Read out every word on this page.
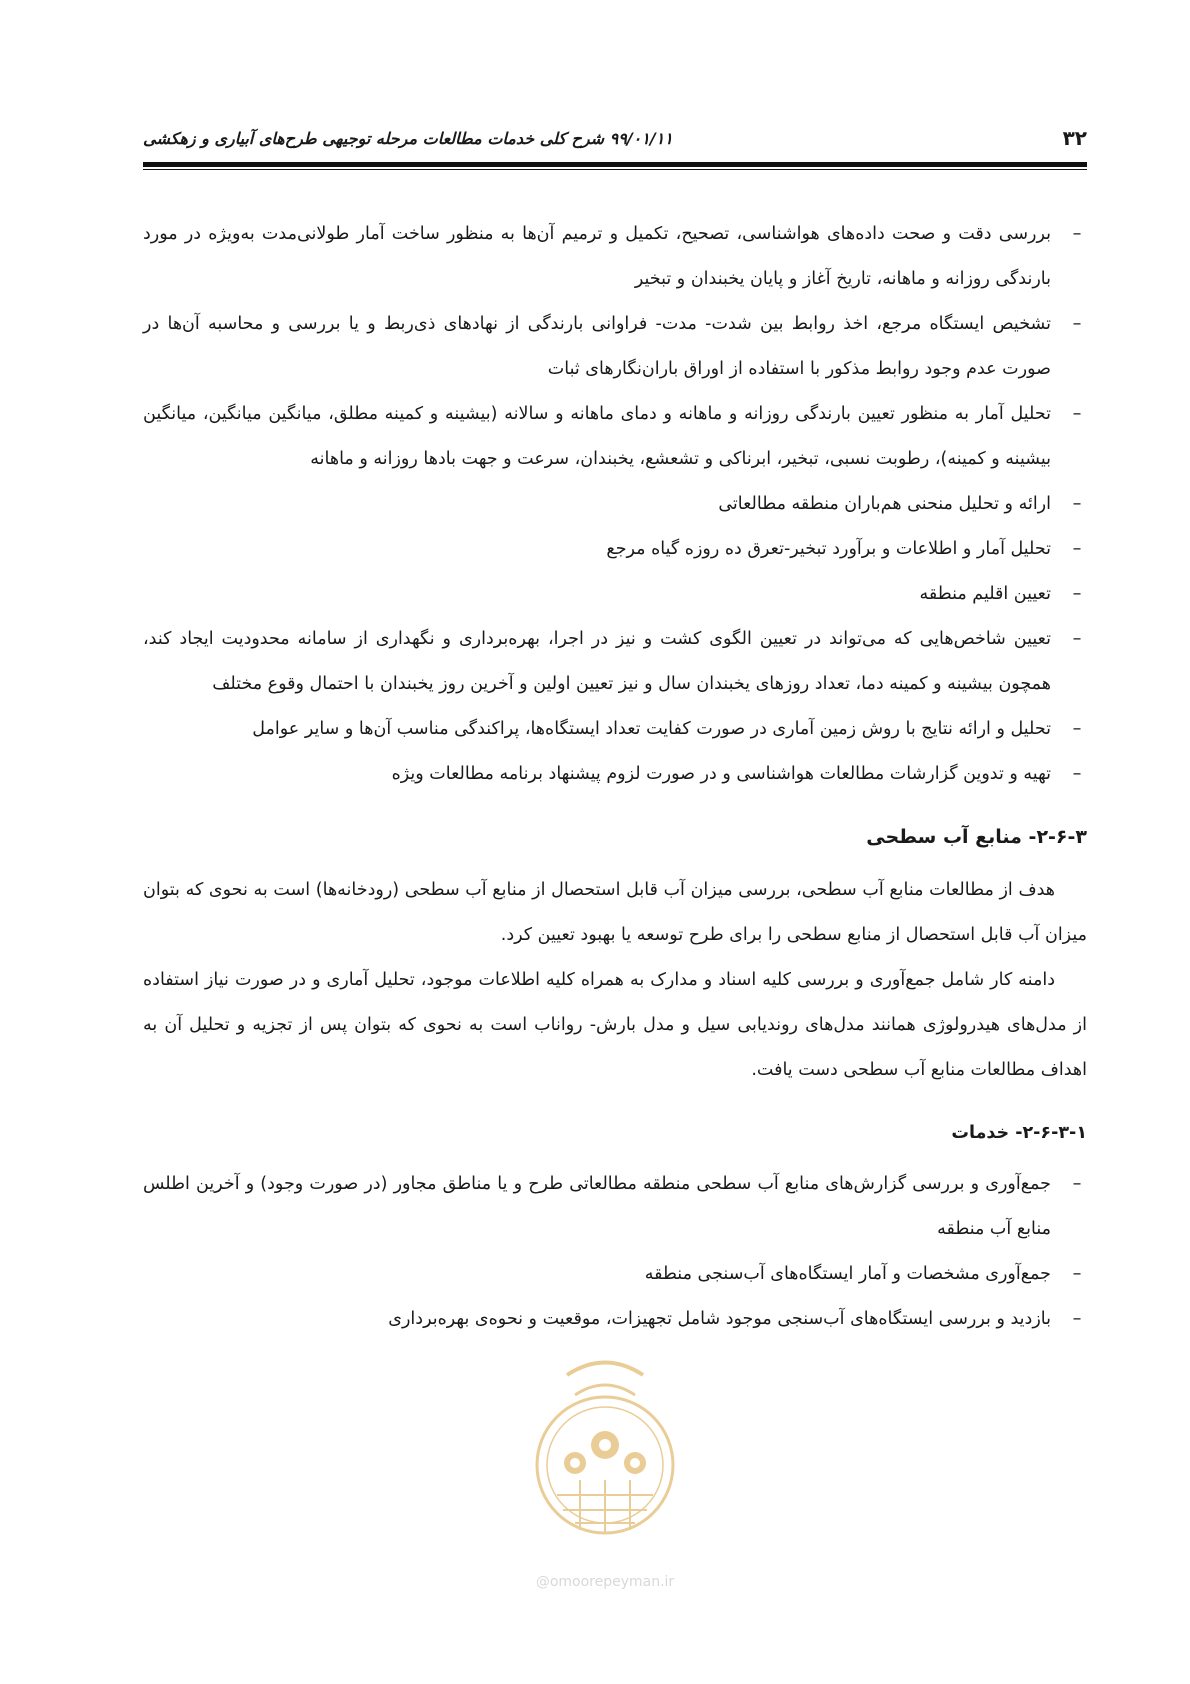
۳۲
۹۹/۰۱/۱۱ شرح کلی خدمات مطالعات مرحله توجیهی طرح‌های آبیاری و زهکشی
–
بررسی دقت و صحت داده‌های هواشناسی، تصحیح، تکمیل و ترمیم آن‌ها به منظور ساخت آمار طولانی‌مدت به‌ویژه در مورد بارندگی روزانه و ماهانه، تاریخ آغاز و پایان یخبندان و تبخیر
–
تشخیص ایستگاه مرجع، اخذ روابط بین شدت- مدت- فراوانی بارندگی از نهادهای ذی‌ربط و یا بررسی و محاسبه آن‌ها در صورت عدم وجود روابط مذکور با استفاده از اوراق باران‌نگارهای ثبات
–
تحلیل آمار به منظور تعیین بارندگی روزانه و ماهانه و دمای ماهانه و سالانه (بیشینه و کمینه مطلق، میانگین میانگین، میانگین بیشینه و کمینه)، رطوبت نسبی، تبخیر، ابرناکی و تشعشع، یخبندان، سرعت و جهت بادها روزانه و ماهانه
–
ارائه و تحلیل منحنی هم‌باران منطقه مطالعاتی
–
تحلیل آمار و اطلاعات و برآورد تبخیر-تعرق ده روزه گیاه مرجع
–
تعیین اقلیم منطقه
–
تعیین شاخص‌هایی که می‌تواند در تعیین الگوی کشت و نیز در اجرا، بهره‌برداری و نگهداری از سامانه محدودیت ایجاد کند، همچون بیشینه و کمینه دما، تعداد روزهای یخبندان سال و نیز تعیین اولین و آخرین روز یخبندان با احتمال وقوع مختلف
–
تحلیل و ارائه نتایج با روش زمین آماری در صورت کفایت تعداد ایستگاه‌ها، پراکندگی مناسب آن‌ها و سایر عوامل
–
تهیه و تدوین گزارشات مطالعات هواشناسی و در صورت لزوم پیشنهاد برنامه مطالعات ویژه
۲-۶-۳- منابع آب سطحی

هدف از مطالعات منابع آب سطحی، بررسی میزان آب قابل استحصال از منابع آب سطحی (رودخانه‌ها) است به نحوی که بتوان میزان آب قابل استحصال از منابع سطحی را برای طرح توسعه یا بهبود تعیین کرد.

دامنه کار شامل جمع‌آوری و بررسی کلیه اسناد و مدارک به همراه کلیه اطلاعات موجود، تحلیل آماری و در صورت نیاز استفاده از مدل‌های هیدرولوژی همانند مدل‌های روندیابی سیل و مدل بارش- رواناب است به نحوی که بتوان پس از تجزیه و تحلیل آن به اهداف مطالعات منابع آب سطحی دست یافت.

۲-۶-۳-۱- خدمات
–
جمع‌آوری و بررسی گزارش‌های منابع آب سطحی منطقه مطالعاتی طرح و یا مناطق مجاور (در صورت وجود) و آخرین اطلس منابع آب منطقه
–
جمع‌آوری مشخصات و آمار ایستگاه‌های آب‌سنجی منطقه
–
بازدید و بررسی ایستگاه‌های آب‌سنجی موجود شامل تجهیزات، موقعیت و نحوه‌ی بهره‌برداری
@omoorepeyman.ir
